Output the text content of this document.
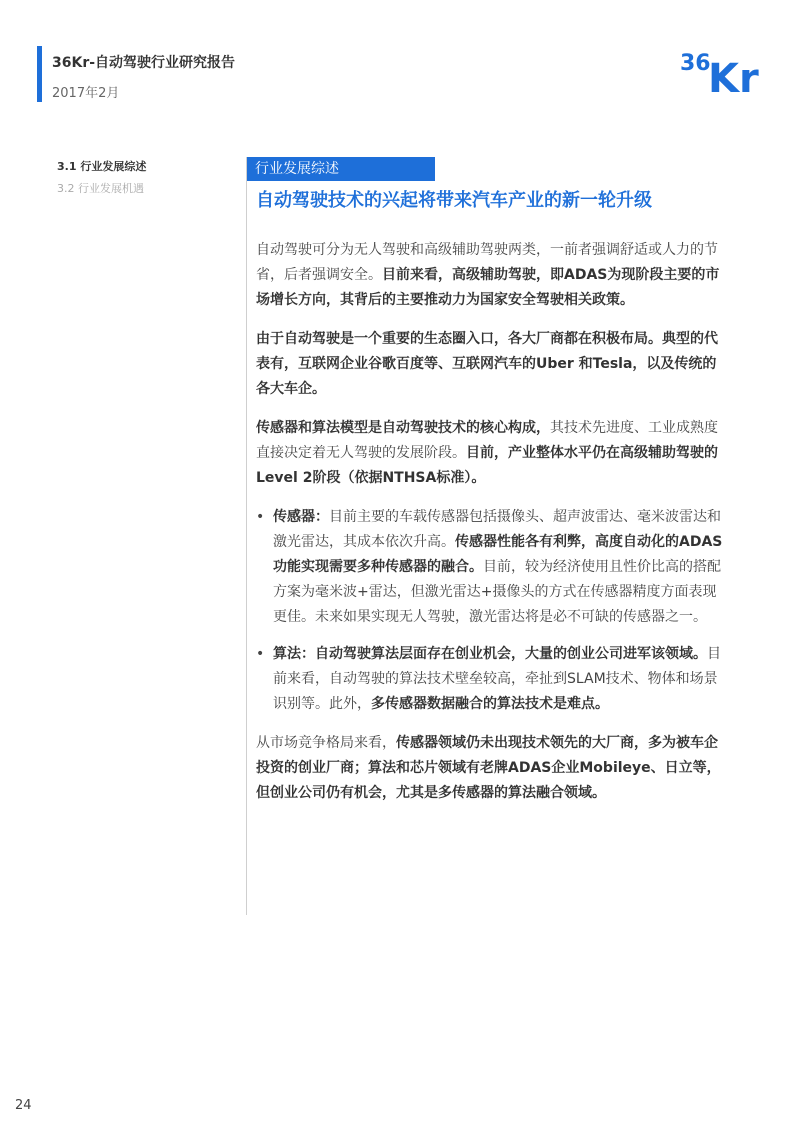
36Kr-自动驾驶行业研究报告
2017年2月
36
Kr
3.1 行业发展综述
3.2 行业发展机遇
行业发展综述
自动驾驶技术的兴起将带来汽车产业的新一轮升级

自动驾驶可分为无人驾驶和高级辅助驾驶两类，一前者强调舒适或人力的节省，后者强调安全。目前来看，高级辅助驾驶，即ADAS为现阶段主要的市场增长方向，其背后的主要推动力为国家安全驾驶相关政策。

由于自动驾驶是一个重要的生态圈入口，各大厂商都在积极布局。典型的代表有，互联网企业谷歌百度等、互联网汽车的Uber 和Tesla，以及传统的各大车企。

传感器和算法模型是自动驾驶技术的核心构成，其技术先进度、工业成熟度直接决定着无人驾驶的发展阶段。目前，产业整体水平仍在高级辅助驾驶的Level 2阶段（依据NTHSA标准）。

• 传感器：目前主要的车载传感器包括摄像头、超声波雷达、毫米波雷达和激光雷达，其成本依次升高。传感器性能各有利弊，高度自动化的ADAS功能实现需要多种传感器的融合。目前，较为经济使用且性价比高的搭配方案为毫米波+雷达，但激光雷达+摄像头的方式在传感器精度方面表现更佳。未来如果实现无人驾驶，激光雷达将是必不可缺的传感器之一。
• 算法：自动驾驶算法层面存在创业机会，大量的创业公司进军该领域。目前来看，自动驾驶的算法技术壁垒较高，牵扯到SLAM技术、物体和场景识别等。此外，多传感器数据融合的算法技术是难点。

从市场竞争格局来看，传感器领域仍未出现技术领先的大厂商，多为被车企投资的创业厂商；算法和芯片领域有老牌ADAS企业Mobileye、日立等，但创业公司仍有机会，尤其是多传感器的算法融合领域。

24
